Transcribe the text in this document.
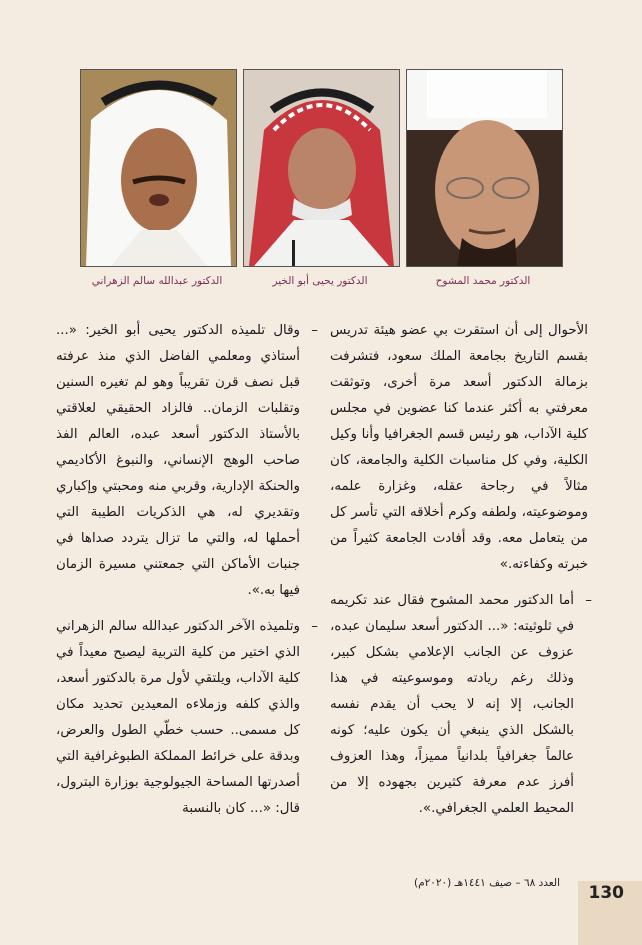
الدكتور محمد المشوح
الدكتور يحيى أبو الخير
الدكتور عبدالله سالم الزهراني

الأحوال إلى أن استقرت بي عضو هيئة تدريس بقسم التاريخ بجامعة الملك سعود، فتشرفت بزمالة الدكتور أسعد مرة أخرى، وتوثقت معرفتي به أكثر عندما كنا عضوين في مجلس كلية الآداب، هو رئيس قسم الجغرافيا وأنا وكيل الكلية، وفي كل مناسبات الكلية والجامعة، كان مثالاً في رجاحة عقله، وغزارة علمه، وموضوعيته، ولطفه وكرم أخلاقه التي تأسر كل من يتعامل معه. وقد أفادت الجامعة كثيراً من خبرته وكفاءته.»

– أما الدكتور محمد المشوح فقال عند تكريمه في ثلوثيته: «... الدكتور أسعد سليمان عبده، عزوف عن الجانب الإعلامي بشكل كبير، وذلك رغم ريادته وموسوعيته في هذا الجانب، إلا إنه لا يحب أن يقدم نفسه بالشكل الذي ينبغي أن يكون عليه؛ كونه عالماً جغرافياً بلدانياً مميزاً، وهذا العزوف أفرز عدم معرفة كثيرين بجهوده إلا من المحيط العلمي الجغرافي.».

– وقال تلميذه الدكتور يحيى أبو الخير: «... أستاذي ومعلمي الفاضل الذي منذ عرفته قبل نصف قرن تقريباً وهو لم تغيره السنين وتقلبات الزمان.. فالزاد الحقيقي لعلاقتي بالأستاذ الدكتور أسعد عبده، العالم الفذ صاحب الوهج الإنساني، والنبوغ الأكاديمي والحنكة الإدارية، وقربي منه ومحبتي وإكباري وتقديري له، هي الذكريات الطيبة التي أحملها له، والتي ما تزال يتردد صداها في جنبات الأماكن التي جمعتني مسيرة الزمان فيها به.».

– وتلميذه الآخر الدكتور عبدالله سالم الزهراني الذي اختير من كلية التربية ليصبح معيداً في كلية الآداب، ويلتقي لأول مرة بالدكتور أسعد، والذي كلفه وزملاءه المعيدين تحديد مكان كل مسمى.. حسب خطّي الطول والعرض، وبدقة على خرائط المملكة الطبوغرافية التي أصدرتها المساحة الجيولوجية بوزارة البترول، قال: «... كان بالنسبة

130
العدد ٦٨ – صيف ١٤٤١هـ (٢٠٢٠م)
